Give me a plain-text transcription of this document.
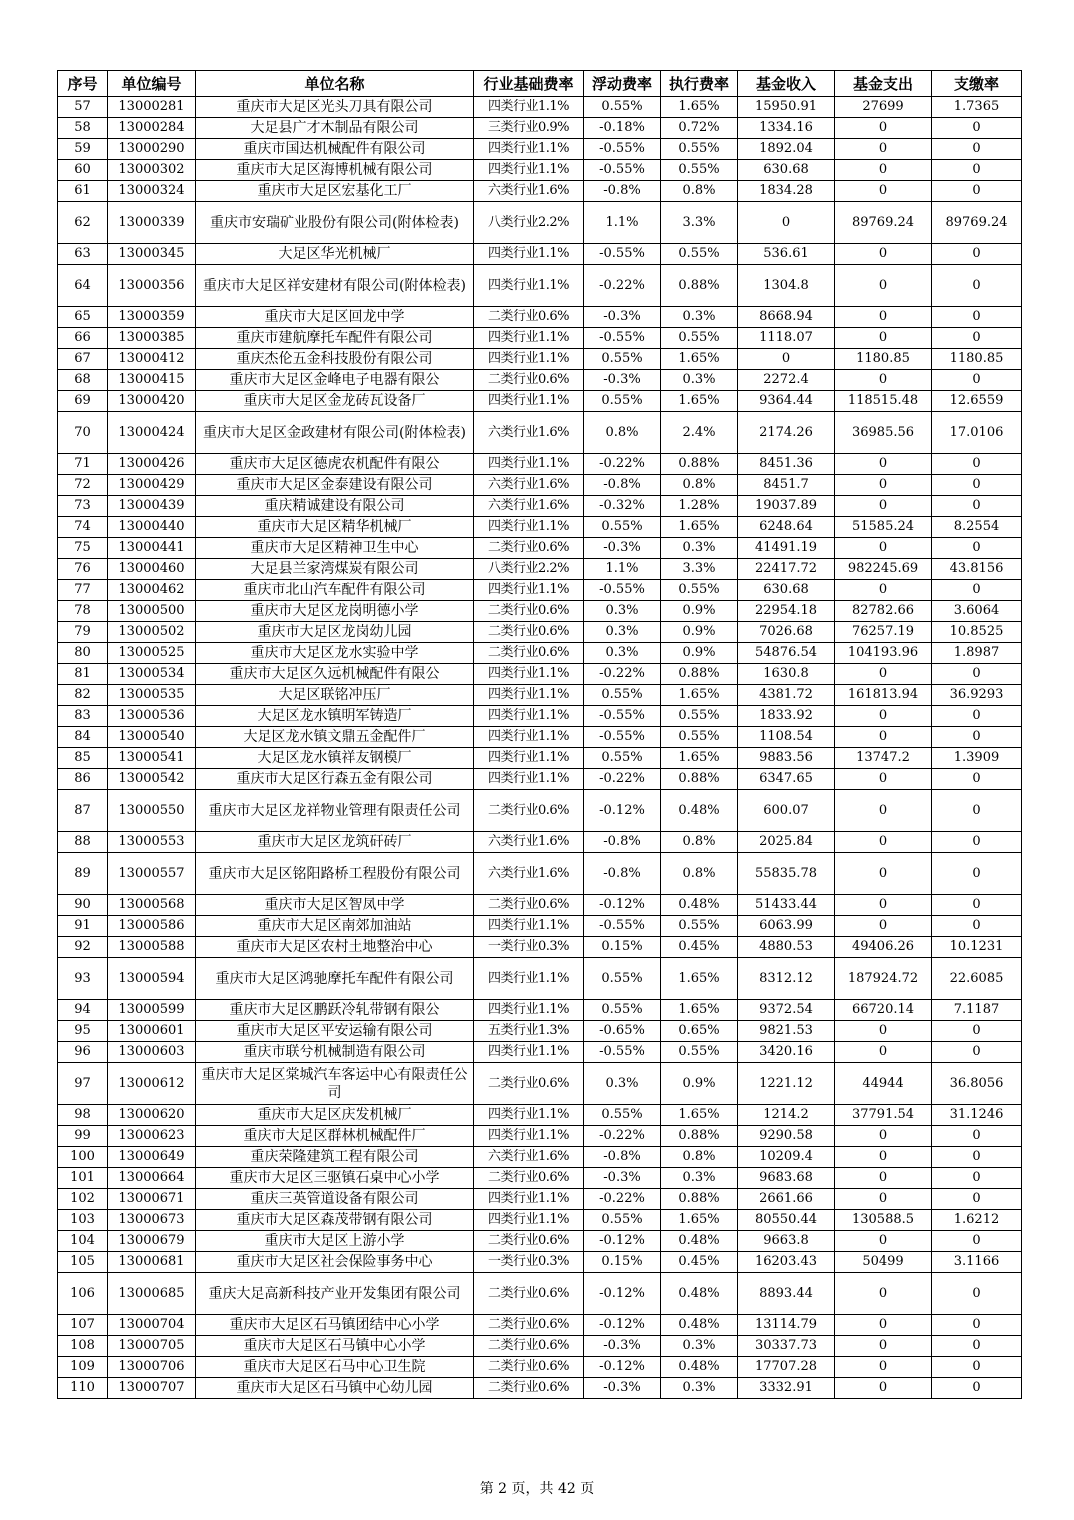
序号	单位编号	单位名称	行业基础费率	浮动费率	执行费率	基金收入	基金支出	支缴率
57	13000281	重庆市大足区光头刀具有限公司	四类行业1.1%	0.55%	1.65%	15950.91	27699	1.7365
58	13000284	大足县广才木制品有限公司	三类行业0.9%	-0.18%	0.72%	1334.16	0	0
59	13000290	重庆市国达机械配件有限公司	四类行业1.1%	-0.55%	0.55%	1892.04	0	0
60	13000302	重庆市大足区海博机械有限公司	四类行业1.1%	-0.55%	0.55%	630.68	0	0
61	13000324	重庆市大足区宏基化工厂	六类行业1.6%	-0.8%	0.8%	1834.28	0	0
62	13000339	重庆市安瑞矿业股份有限公司(附体检表)	八类行业2.2%	1.1%	3.3%	0	89769.24	89769.24
63	13000345	大足区华光机械厂	四类行业1.1%	-0.55%	0.55%	536.61	0	0
64	13000356	重庆市大足区祥安建材有限公司(附体检表)	四类行业1.1%	-0.22%	0.88%	1304.8	0	0
65	13000359	重庆市大足区回龙中学	二类行业0.6%	-0.3%	0.3%	8668.94	0	0
66	13000385	重庆市建航摩托车配件有限公司	四类行业1.1%	-0.55%	0.55%	1118.07	0	0
67	13000412	重庆杰伦五金科技股份有限公司	四类行业1.1%	0.55%	1.65%	0	1180.85	1180.85
68	13000415	重庆市大足区金峰电子电器有限公	二类行业0.6%	-0.3%	0.3%	2272.4	0	0
69	13000420	重庆市大足区金龙砖瓦设备厂	四类行业1.1%	0.55%	1.65%	9364.44	118515.48	12.6559
70	13000424	重庆市大足区金政建材有限公司(附体检表)	六类行业1.6%	0.8%	2.4%	2174.26	36985.56	17.0106
71	13000426	重庆市大足区德虎农机配件有限公	四类行业1.1%	-0.22%	0.88%	8451.36	0	0
72	13000429	重庆市大足区金泰建设有限公司	六类行业1.6%	-0.8%	0.8%	8451.7	0	0
73	13000439	重庆精诚建设有限公司	六类行业1.6%	-0.32%	1.28%	19037.89	0	0
74	13000440	重庆市大足区精华机械厂	四类行业1.1%	0.55%	1.65%	6248.64	51585.24	8.2554
75	13000441	重庆市大足区精神卫生中心	二类行业0.6%	-0.3%	0.3%	41491.19	0	0
76	13000460	大足县兰家湾煤炭有限公司	八类行业2.2%	1.1%	3.3%	22417.72	982245.69	43.8156
77	13000462	重庆市北山汽车配件有限公司	四类行业1.1%	-0.55%	0.55%	630.68	0	0
78	13000500	重庆市大足区龙岗明德小学	二类行业0.6%	0.3%	0.9%	22954.18	82782.66	3.6064
79	13000502	重庆市大足区龙岗幼儿园	二类行业0.6%	0.3%	0.9%	7026.68	76257.19	10.8525
80	13000525	重庆市大足区龙水实验中学	二类行业0.6%	0.3%	0.9%	54876.54	104193.96	1.8987
81	13000534	重庆市大足区久远机械配件有限公	四类行业1.1%	-0.22%	0.88%	1630.8	0	0
82	13000535	大足区联铭冲压厂	四类行业1.1%	0.55%	1.65%	4381.72	161813.94	36.9293
83	13000536	大足区龙水镇明军铸造厂	四类行业1.1%	-0.55%	0.55%	1833.92	0	0
84	13000540	大足区龙水镇文鼎五金配件厂	四类行业1.1%	-0.55%	0.55%	1108.54	0	0
85	13000541	大足区龙水镇祥友钢模厂	四类行业1.1%	0.55%	1.65%	9883.56	13747.2	1.3909
86	13000542	重庆市大足区行森五金有限公司	四类行业1.1%	-0.22%	0.88%	6347.65	0	0
87	13000550	重庆市大足区龙祥物业管理有限责任公司	二类行业0.6%	-0.12%	0.48%	600.07	0	0
88	13000553	重庆市大足区龙筑矸砖厂	六类行业1.6%	-0.8%	0.8%	2025.84	0	0
89	13000557	重庆市大足区铭阳路桥工程股份有限公司	六类行业1.6%	-0.8%	0.8%	55835.78	0	0
90	13000568	重庆市大足区智凤中学	二类行业0.6%	-0.12%	0.48%	51433.44	0	0
91	13000586	重庆市大足区南郊加油站	四类行业1.1%	-0.55%	0.55%	6063.99	0	0
92	13000588	重庆市大足区农村土地整治中心	一类行业0.3%	0.15%	0.45%	4880.53	49406.26	10.1231
93	13000594	重庆市大足区鸿驰摩托车配件有限公司	四类行业1.1%	0.55%	1.65%	8312.12	187924.72	22.6085
94	13000599	重庆市大足区鹏跃冷轧带钢有限公	四类行业1.1%	0.55%	1.65%	9372.54	66720.14	7.1187
95	13000601	重庆市大足区平安运输有限公司	五类行业1.3%	-0.65%	0.65%	9821.53	0	0
96	13000603	重庆市联兮机械制造有限公司	四类行业1.1%	-0.55%	0.55%	3420.16	0	0
97	13000612	重庆市大足区棠城汽车客运中心有限责任公司	二类行业0.6%	0.3%	0.9%	1221.12	44944	36.8056
98	13000620	重庆市大足区庆发机械厂	四类行业1.1%	0.55%	1.65%	1214.2	37791.54	31.1246
99	13000623	重庆市大足区群林机械配件厂	四类行业1.1%	-0.22%	0.88%	9290.58	0	0
100	13000649	重庆荣隆建筑工程有限公司	六类行业1.6%	-0.8%	0.8%	10209.4	0	0
101	13000664	重庆市大足区三驱镇石桌中心小学	二类行业0.6%	-0.3%	0.3%	9683.68	0	0
102	13000671	重庆三英管道设备有限公司	四类行业1.1%	-0.22%	0.88%	2661.66	0	0
103	13000673	重庆市大足区森茂带钢有限公司	四类行业1.1%	0.55%	1.65%	80550.44	130588.5	1.6212
104	13000679	重庆市大足区上游小学	二类行业0.6%	-0.12%	0.48%	9663.8	0	0
105	13000681	重庆市大足区社会保险事务中心	一类行业0.3%	0.15%	0.45%	16203.43	50499	3.1166
106	13000685	重庆大足高新科技产业开发集团有限公司	二类行业0.6%	-0.12%	0.48%	8893.44	0	0
107	13000704	重庆市大足区石马镇团结中心小学	二类行业0.6%	-0.12%	0.48%	13114.79	0	0
108	13000705	重庆市大足区石马镇中心小学	二类行业0.6%	-0.3%	0.3%	30337.73	0	0
109	13000706	重庆市大足区石马中心卫生院	二类行业0.6%	-0.12%	0.48%	17707.28	0	0
110	13000707	重庆市大足区石马镇中心幼儿园	二类行业0.6%	-0.3%	0.3%	3332.91	0	0
第 2 页，共 42 页
